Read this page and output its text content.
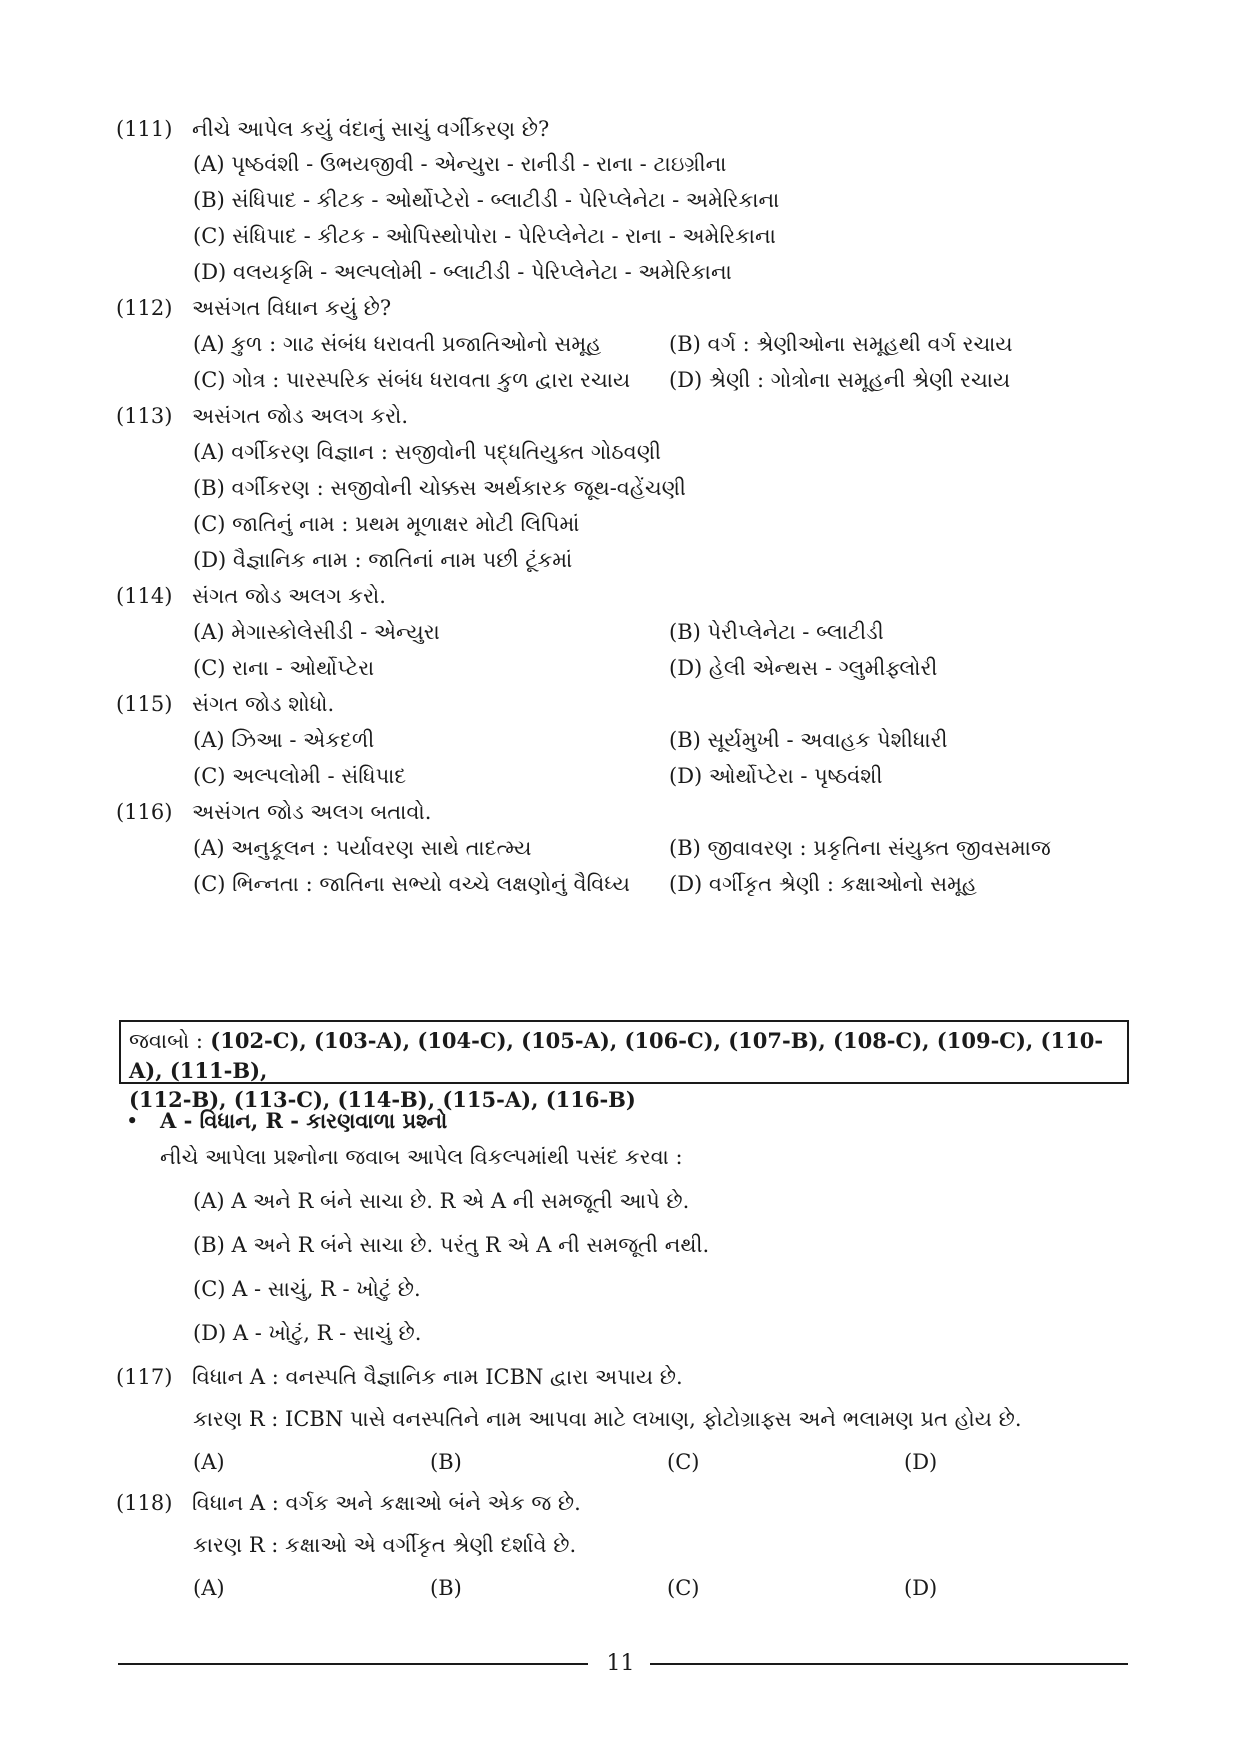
(111) નીચે આપેલ કયું વંદાનું સાચું વર્ગીકરણ છે?
(A) પૃષ્ઠવંશી - ઉભયજીવી - એન્યુરા - રાનીડી - રાના - ટાઇગ્રીના
(B) સંધિપાદ - કીટક - ઓર્થોપ્ટેરો - બ્લાટીડી - પેરિપ્લેનેટા - અમેરિકાના
(C) સંધિપાદ - કીટક - ઓપિસ્થોપોરા - પેરિપ્લેનેટા - રાના - અમેરિકાના
(D) વલયકૃમિ - અલ્પલોમી - બ્લાટીડી - પેરિપ્લેનેટા - અમેરિકાના
(112) અસંગત વિધાન કયું છે?
(A) કુળ : ગાઢ સંબંધ ધરાવતી પ્રજાતિઓનો સમૂહ	(B) વર્ગ : શ્રેણીઓના સમૂહથી વર્ગ રચાય
(C) ગોત્ર : પારસ્પરિક સંબંધ ધરાવતા કુળ દ્વારા રચાય (D) શ્રેણી : ગોત્રોના સમૂહની શ્રેણી રચાય
(113) અસંગત જોડ અલગ કરો.
(A) વર્ગીકરણ વિજ્ઞાન : સજીવોની પદ્ધતિયુક્ત ગોઠવણી
(B) વર્ગીકરણ : સજીવોની ચોક્કસ અર્થકારક જૂથ-વહેંચણી
(C) જાતિનું નામ : પ્રથમ મૂળાક્ષર મોટી લિપિમાં
(D) વૈજ્ઞાનિક નામ : જાતિનાં નામ પછી ટૂંકમાં
(114) સંગત જોડ અલગ કરો.
(A) મેગાસ્કોલેસીડી - એન્યુરા	(B) પેરીપ્લેનેટા - બ્લાટીડી
(C) રાના - ઓર્થોપ્ટેરા	(D) હેલી એન્થસ - ગ્લુમીફ્લોરી
(115) સંગત જોડ શોધો.
(A) ઝિઆ - એકદળી	(B) સૂર્યમુખી - અવાહક પેશીધારી
(C) અલ્પલોમી - સંધિપાદ	(D) ઓર્થોપ્ટેરા - પૃષ્ઠવંશી
(116) અસંગત જોડ અલગ બતાવો.
(A) અનુકૂલન : પર્યાવરણ સાથે તાદત્મ્ય	(B) જીવાવરણ : પ્રકૃતિના સંયુક્ત જીવસમાજ
(C) ભિન્નતા : જાતિના સભ્યો વચ્ચે લક્ષણોનું વૈવિધ્ય (D) વર્ગીકૃત શ્રેણી : કક્ષાઓનો સમૂહ
જવાબો : (102-C), (103-A), (104-C), (105-A), (106-C), (107-B), (108-C), (109-C), (110-A), (111-B),
(112-B), (113-C), (114-B), (115-A), (116-B)
• A - વિધાન, R - કારણવાળા પ્રશ્નો
નીચે આપેલા પ્રશ્નોના જવાબ આપેલ વિકલ્પમાંથી પસંદ કરવા :
(A) A અને R બંને સાચા છે. R એ A ની સમજૂતી આપે છે.
(B) A અને R બંને સાચા છે. પરંતુ R એ A ની સમજૂતી નથી.
(C) A - સાચું, R - ખોટું છે.
(D) A - ખોટું, R - સાચું છે.
(117) વિધાન A : વનસ્પતિ વૈજ્ઞાનિક નામ ICBN દ્વારા અપાય છે.
કારણ R : ICBN પાસે વનસ્પતિને નામ આપવા માટે લખાણ, ફોટોગ્રાફ્સ અને ભલામણ પ્રત હોય છે.
(A)	(B)	(C)	(D)
(118) વિધાન A : વર્ગક અને કક્ષાઓ બંને એક જ છે.
કારણ R : કક્ષાઓ એ વર્ગીકૃત શ્રેણી દર્શાવે છે.
(A)	(B)	(C)	(D)
11
